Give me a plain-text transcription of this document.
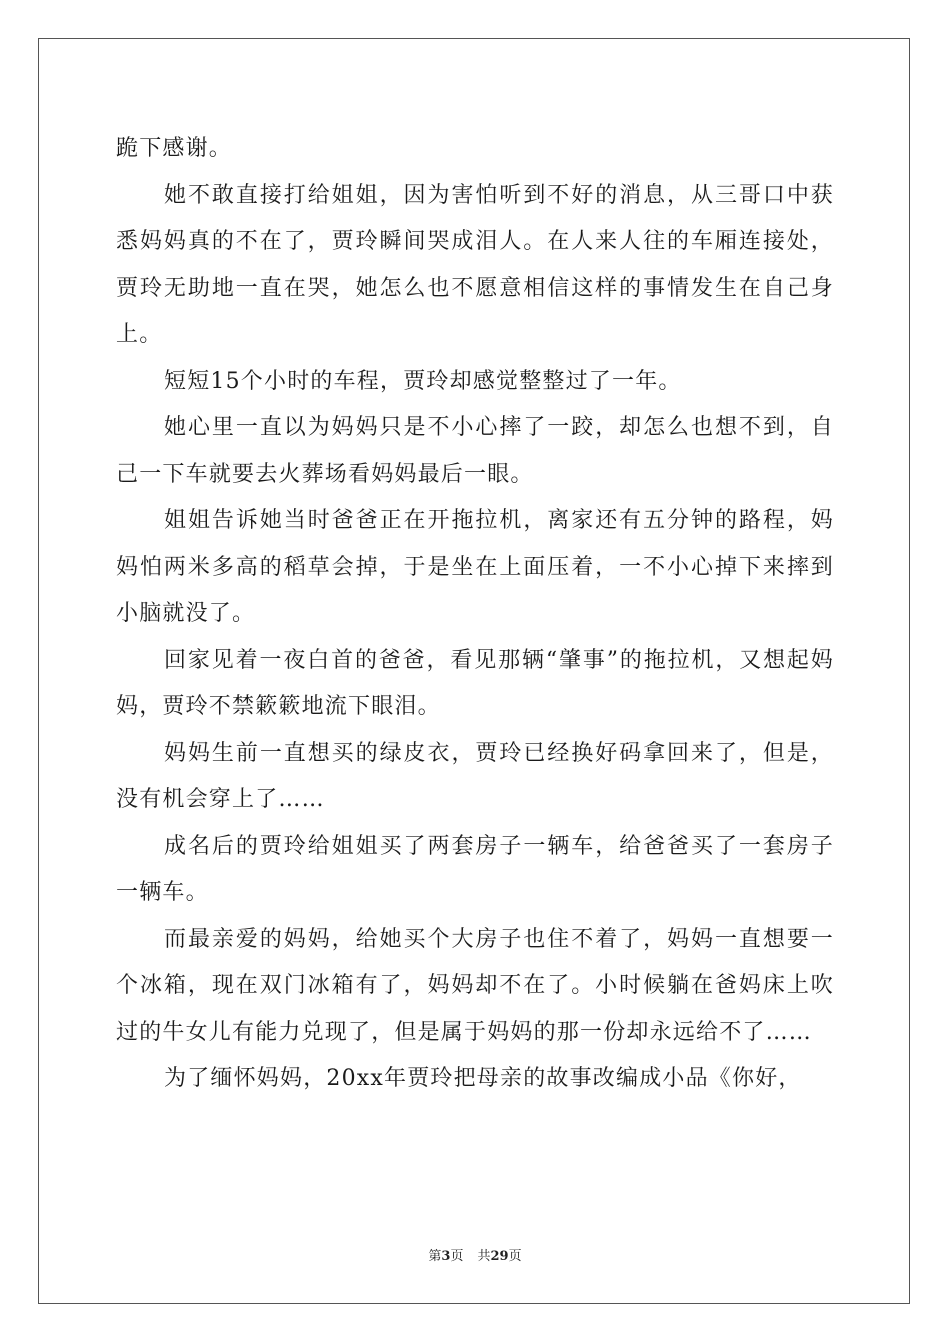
跪下感谢。

她不敢直接打给姐姐，因为害怕听到不好的消息，从三哥口中获悉妈妈真的不在了，贾玲瞬间哭成泪人。在人来人往的车厢连接处，贾玲无助地一直在哭，她怎么也不愿意相信这样的事情发生在自己身上。

短短15个小时的车程，贾玲却感觉整整过了一年。

她心里一直以为妈妈只是不小心摔了一跤，却怎么也想不到，自己一下车就要去火葬场看妈妈最后一眼。

姐姐告诉她当时爸爸正在开拖拉机，离家还有五分钟的路程，妈妈怕两米多高的稻草会掉，于是坐在上面压着，一不小心掉下来摔到小脑就没了。

回家见着一夜白首的爸爸，看见那辆“肇事”的拖拉机，又想起妈妈，贾玲不禁簌簌地流下眼泪。

妈妈生前一直想买的绿皮衣，贾玲已经换好码拿回来了，但是，没有机会穿上了……

成名后的贾玲给姐姐买了两套房子一辆车，给爸爸买了一套房子一辆车。

而最亲爱的妈妈，给她买个大房子也住不着了，妈妈一直想要一个冰箱，现在双门冰箱有了，妈妈却不在了。小时候躺在爸妈床上吹过的牛女儿有能力兑现了，但是属于妈妈的那一份却永远给不了……

为了缅怀妈妈，20xx年贾玲把母亲的故事改编成小品《你好，

第3页 共29页
